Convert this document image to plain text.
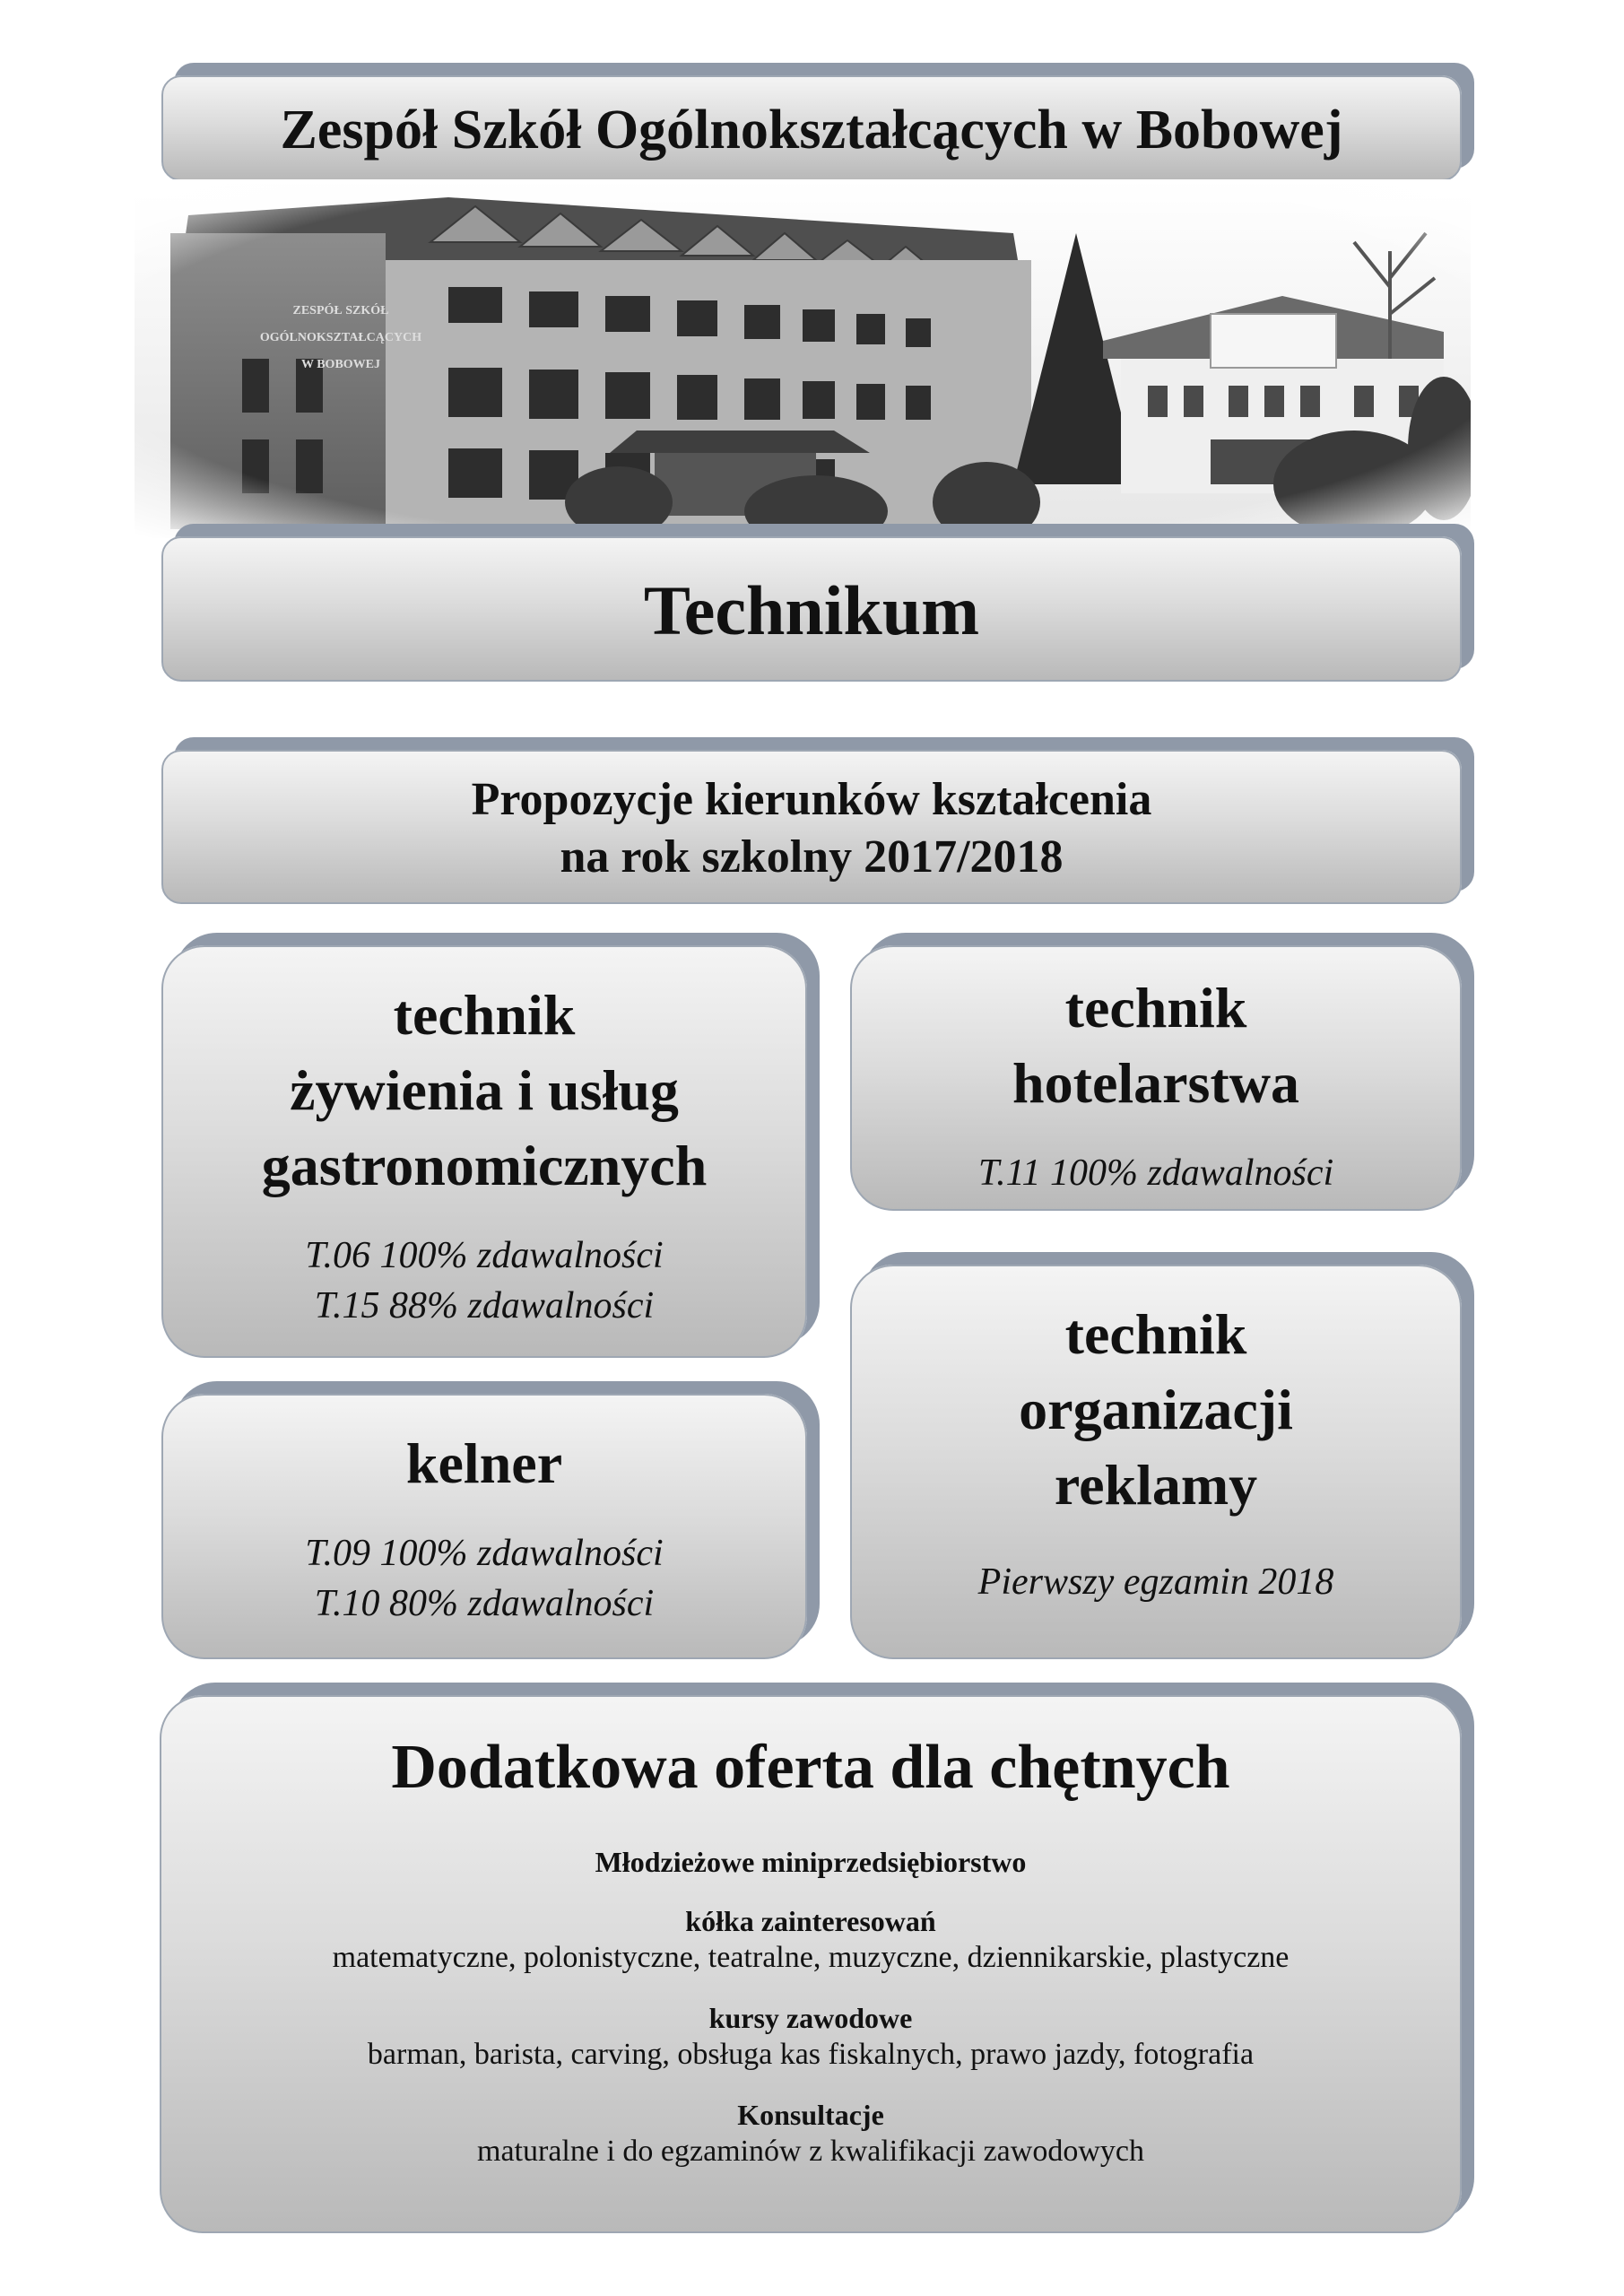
Zespół Szkół Ogólnokształcących w Bobowej
Technikum
Propozycje kierunków kształcenia
na rok szkolny 2017/2018
technik
żywienia i usług
gastronomicznych
T.06 100% zdawalności
T.15 88% zdawalności
technik
hotelarstwa
T.11 100% zdawalności
kelner
T.09 100% zdawalności
T.10 80% zdawalności
technik
organizacji
reklamy
Pierwszy egzamin 2018
Dodatkowa oferta dla chętnych
Młodzieżowe miniprzedsiębiorstwo
kółka zainteresowań
matematyczne, polonistyczne, teatralne, muzyczne, dziennikarskie, plastyczne
kursy zawodowe
barman, barista, carving, obsługa kas fiskalnych, prawo jazdy, fotografia
Konsultacje
maturalne i do egzaminów z kwalifikacji zawodowych
